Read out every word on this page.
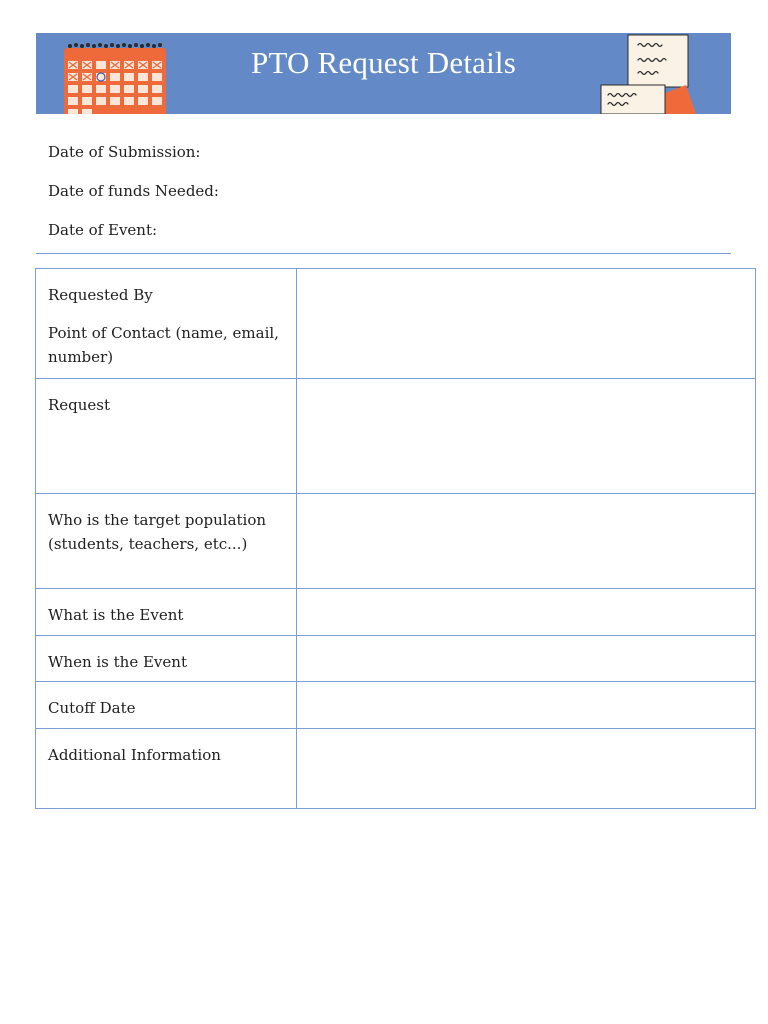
PTO Request Details
Date of Submission:
Date of funds Needed:
Date of Event:
Requested By
Point of Contact (name, email, number)	

Request	
Who is the target population (students, teachers, etc...)	
What is the Event	
When is the Event	
Cutoff Date	
Additional Information	
